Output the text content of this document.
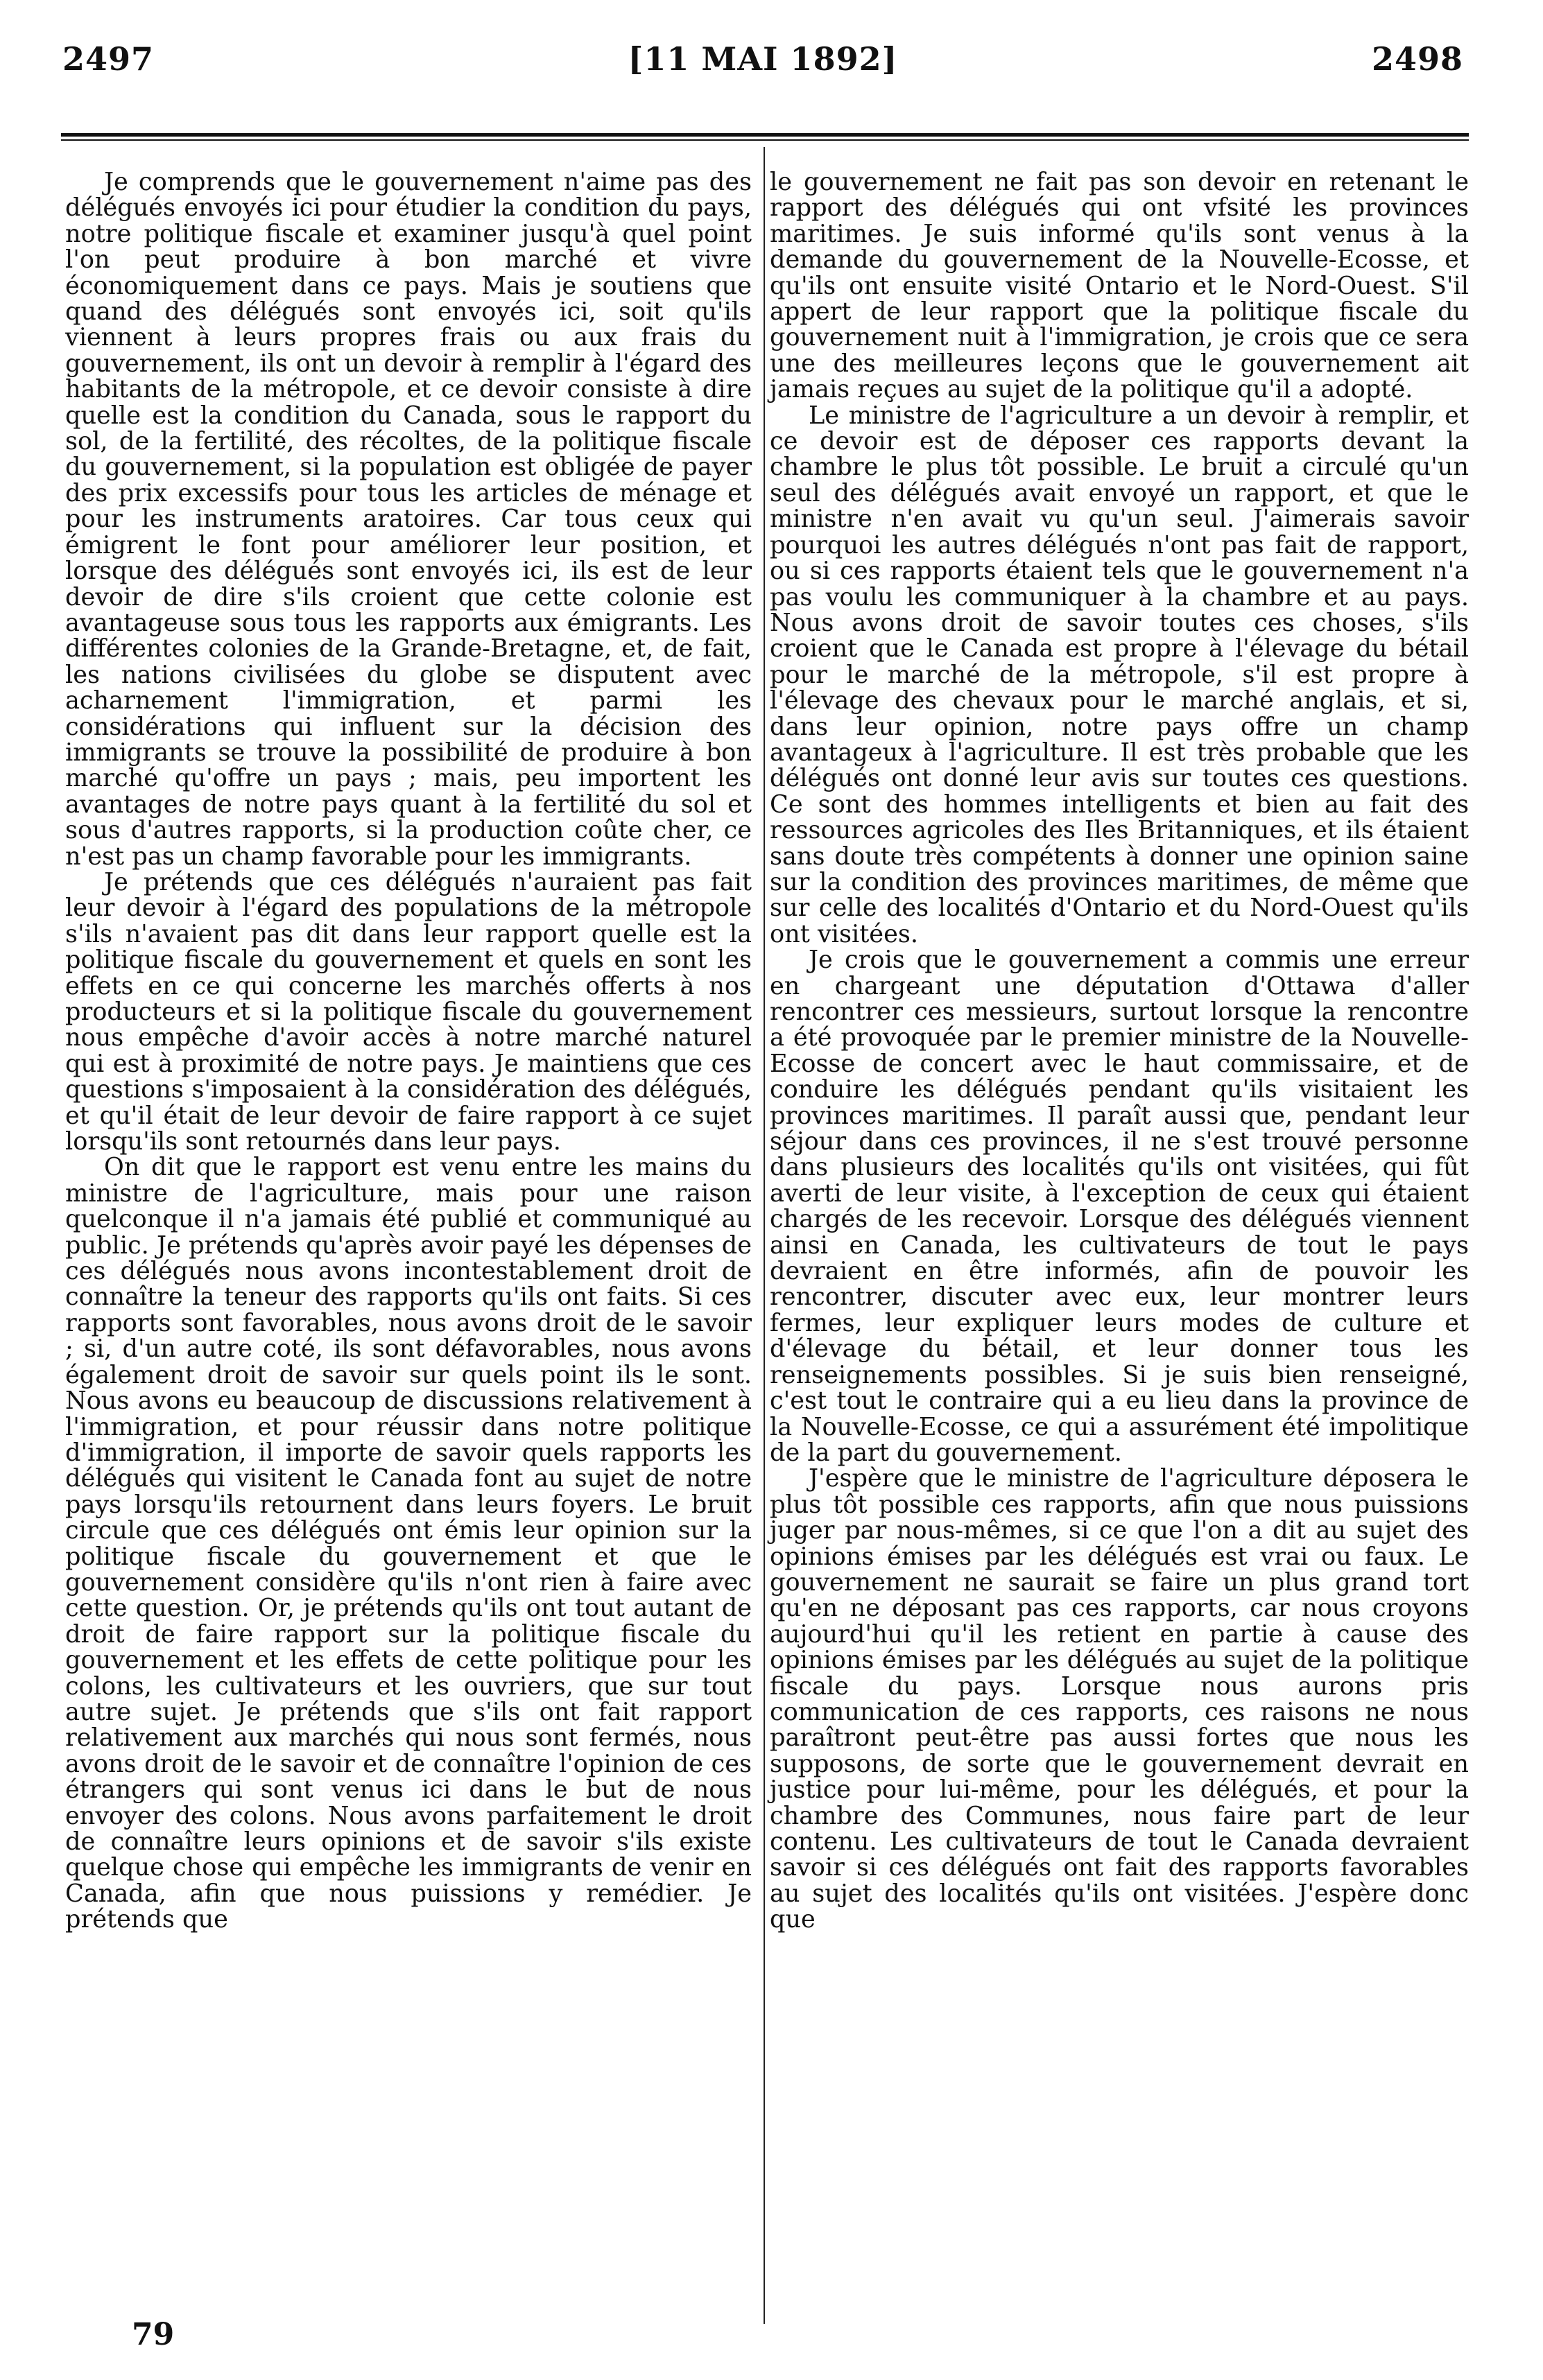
[11 MAI 1892]
2497	2498

Je comprends que le gouvernement n'aime pas des délégués envoyés ici pour étudier la condition du pays, notre politique fiscale et examiner jusqu'à quel point l'on peut produire à bon marché et vivre économiquement dans ce pays. Mais je soutiens que quand des délégués sont envoyés ici, soit qu'ils viennent à leurs propres frais ou aux frais du gouvernement, ils ont un devoir à remplir à l'égard des habitants de la métropole, et ce devoir consiste à dire quelle est la condition du Canada, sous le rapport du sol, de la fertilité, des récoltes, de la politique fiscale du gouvernement, si la population est obligée de payer des prix excessifs pour tous les articles de ménage et pour les instruments aratoires. Car tous ceux qui émigrent le font pour améliorer leur position, et lorsque des délégués sont envoyés ici, ils est de leur devoir de dire s'ils croient que cette colonie est avantageuse sous tous les rapports aux émigrants. Les différentes colonies de la Grande-Bretagne, et, de fait, les nations civilisées du globe se disputent avec acharnement l'immigration, et parmi les considérations qui influent sur la décision des immigrants se trouve la possibilité de produire à bon marché qu'offre un pays ; mais, peu importent les avantages de notre pays quant à la fertilité du sol et sous d'autres rapports, si la production coûte cher, ce n'est pas un champ favorable pour les immigrants.

Je prétends que ces délégués n'auraient pas fait leur devoir à l'égard des populations de la métropole s'ils n'avaient pas dit dans leur rapport quelle est la politique fiscale du gouvernement et quels en sont les effets en ce qui concerne les marchés offerts à nos producteurs et si la politique fiscale du gouvernement nous empêche d'avoir accès à notre marché naturel qui est à proximité de notre pays. Je maintiens que ces questions s'imposaient à la considération des délégués, et qu'il était de leur devoir de faire rapport à ce sujet lorsqu'ils sont retournés dans leur pays.

On dit que le rapport est venu entre les mains du ministre de l'agriculture, mais pour une raison quelconque il n'a jamais été publié et communiqué au public. Je prétends qu'après avoir payé les dépenses de ces délégués nous avons incontestablement droit de connaître la teneur des rapports qu'ils ont faits. Si ces rapports sont favorables, nous avons droit de le savoir ; si, d'un autre coté, ils sont défavorables, nous avons également droit de savoir sur quels point ils le sont. Nous avons eu beaucoup de discussions relativement à l'immigration, et pour réussir dans notre politique d'immigration, il importe de savoir quels rapports les délégués qui visitent le Canada font au sujet de notre pays lorsqu'ils retournent dans leurs foyers. Le bruit circule que ces délégués ont émis leur opinion sur la politique fiscale du gouvernement et que le gouvernement considère qu'ils n'ont rien à faire avec cette question. Or, je prétends qu'ils ont tout autant de droit de faire rapport sur la politique fiscale du gouvernement et les effets de cette politique pour les colons, les cultivateurs et les ouvriers, que sur tout autre sujet. Je prétends que s'ils ont fait rapport relativement aux marchés qui nous sont fermés, nous avons droit de le savoir et de connaître l'opinion de ces étrangers qui sont venus ici dans le but de nous envoyer des colons. Nous avons parfaitement le droit de connaître leurs opinions et de savoir s'ils existe quelque chose qui empêche les immigrants de venir en Canada, afin que nous puissions y remédier. Je prétends que

le gouvernement ne fait pas son devoir en retenant le rapport des délégués qui ont vfsité les provinces maritimes. Je suis informé qu'ils sont venus à la demande du gouvernement de la Nouvelle-Ecosse, et qu'ils ont ensuite visité Ontario et le Nord-Ouest. S'il appert de leur rapport que la politique fiscale du gouvernement nuit à l'immigration, je crois que ce sera une des meilleures leçons que le gouvernement ait jamais reçues au sujet de la politique qu'il a adopté.

Le ministre de l'agriculture a un devoir à remplir, et ce devoir est de déposer ces rapports devant la chambre le plus tôt possible. Le bruit a circulé qu'un seul des délégués avait envoyé un rapport, et que le ministre n'en avait vu qu'un seul. J'aimerais savoir pourquoi les autres délégués n'ont pas fait de rapport, ou si ces rapports étaient tels que le gouvernement n'a pas voulu les communiquer à la chambre et au pays. Nous avons droit de savoir toutes ces choses, s'ils croient que le Canada est propre à l'élevage du bétail pour le marché de la métropole, s'il est propre à l'élevage des chevaux pour le marché anglais, et si, dans leur opinion, notre pays offre un champ avantageux à l'agriculture. Il est très probable que les délégués ont donné leur avis sur toutes ces questions. Ce sont des hommes intelligents et bien au fait des ressources agricoles des Iles Britanniques, et ils étaient sans doute très compétents à donner une opinion saine sur la condition des provinces maritimes, de même que sur celle des localités d'Ontario et du Nord-Ouest qu'ils ont visitées.

Je crois que le gouvernement a commis une erreur en chargeant une députation d'Ottawa d'aller rencontrer ces messieurs, surtout lorsque la rencontre a été provoquée par le premier ministre de la Nouvelle-Ecosse de concert avec le haut commissaire, et de conduire les délégués pendant qu'ils visitaient les provinces maritimes. Il paraît aussi que, pendant leur séjour dans ces provinces, il ne s'est trouvé personne dans plusieurs des localités qu'ils ont visitées, qui fût averti de leur visite, à l'exception de ceux qui étaient chargés de les recevoir. Lorsque des délégués viennent ainsi en Canada, les cultivateurs de tout le pays devraient en être informés, afin de pouvoir les rencontrer, discuter avec eux, leur montrer leurs fermes, leur expliquer leurs modes de culture et d'élevage du bétail, et leur donner tous les renseignements possibles. Si je suis bien renseigné, c'est tout le contraire qui a eu lieu dans la province de la Nouvelle-Ecosse, ce qui a assurément été impolitique de la part du gouvernement.

J'espère que le ministre de l'agriculture déposera le plus tôt possible ces rapports, afin que nous puissions juger par nous-mêmes, si ce que l'on a dit au sujet des opinions émises par les délégués est vrai ou faux. Le gouvernement ne saurait se faire un plus grand tort qu'en ne déposant pas ces rapports, car nous croyons aujourd'hui qu'il les retient en partie à cause des opinions émises par les délégués au sujet de la politique fiscale du pays. Lorsque nous aurons pris communication de ces rapports, ces raisons ne nous paraîtront peut-être pas aussi fortes que nous les supposons, de sorte que le gouvernement devrait en justice pour lui-même, pour les délégués, et pour la chambre des Communes, nous faire part de leur contenu. Les cultivateurs de tout le Canada devraient savoir si ces délégués ont fait des rapports favorables au sujet des localités qu'ils ont visitées. J'espère donc que

79
